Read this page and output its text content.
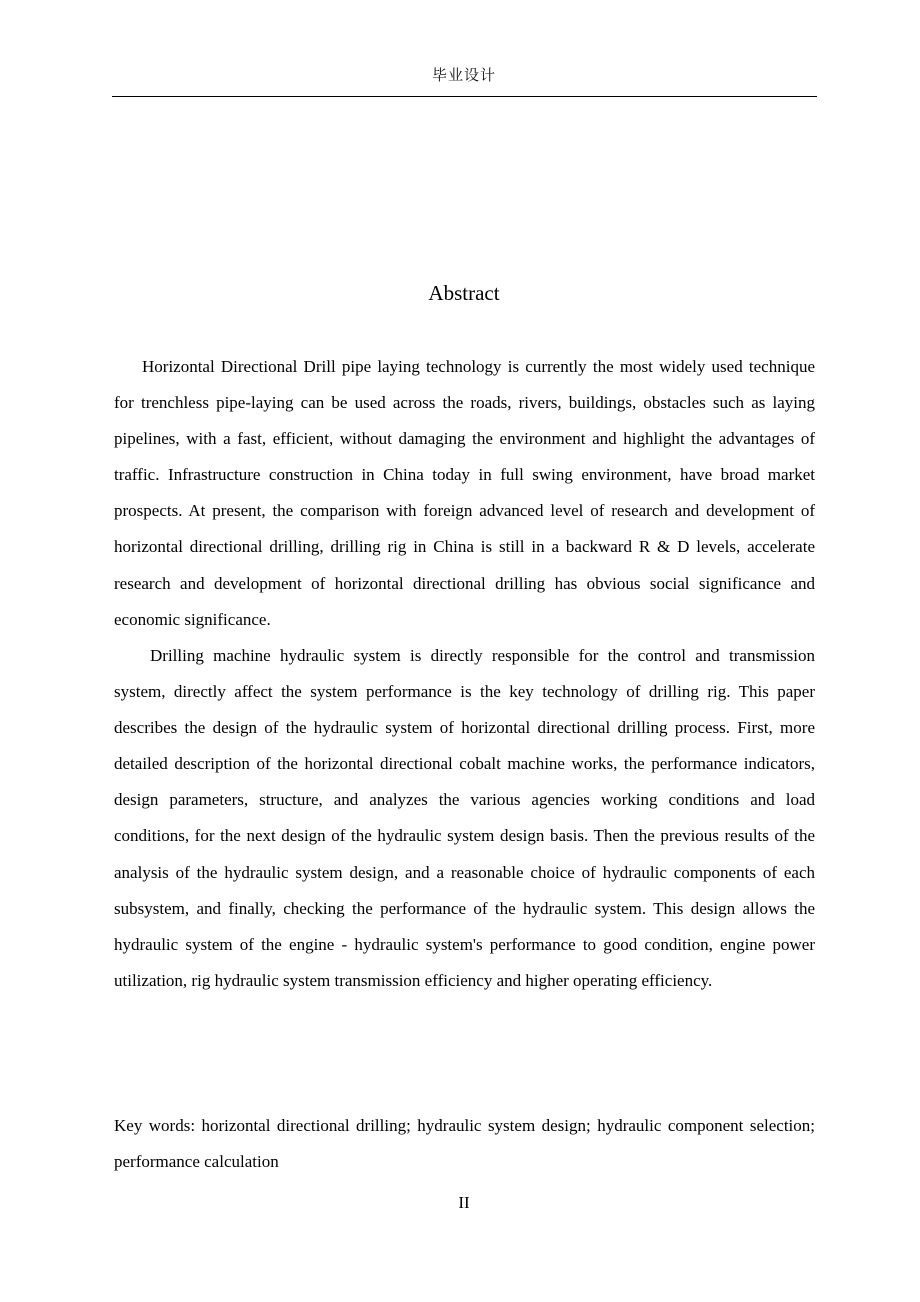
毕业设计
Abstract

Horizontal Directional Drill pipe laying technology is currently the most widely used technique for trenchless pipe-laying can be used across the roads, rivers, buildings, obstacles such as laying pipelines, with a fast, efficient, without damaging the environment and highlight the advantages of traffic. Infrastructure construction in China today in full swing environment, have broad market prospects. At present, the comparison with foreign advanced level of research and development of horizontal directional drilling, drilling rig in China is still in a backward R & D levels, accelerate research and development of horizontal directional drilling has obvious social significance and economic significance.

Drilling machine hydraulic system is directly responsible for the control and transmission system, directly affect the system performance is the key technology of drilling rig. This paper describes the design of the hydraulic system of horizontal directional drilling process. First, more detailed description of the horizontal directional cobalt machine works, the performance indicators, design parameters, structure, and analyzes the various agencies working conditions and load conditions, for the next design of the hydraulic system design basis. Then the previous results of the analysis of the hydraulic system design, and a reasonable choice of hydraulic components of each subsystem, and finally, checking the performance of the hydraulic system. This design allows the hydraulic system of the engine - hydraulic system's performance to good condition, engine power utilization, rig hydraulic system transmission efficiency and higher operating efficiency.

Key words: horizontal directional drilling; hydraulic system design; hydraulic component selection; performance calculation

II
